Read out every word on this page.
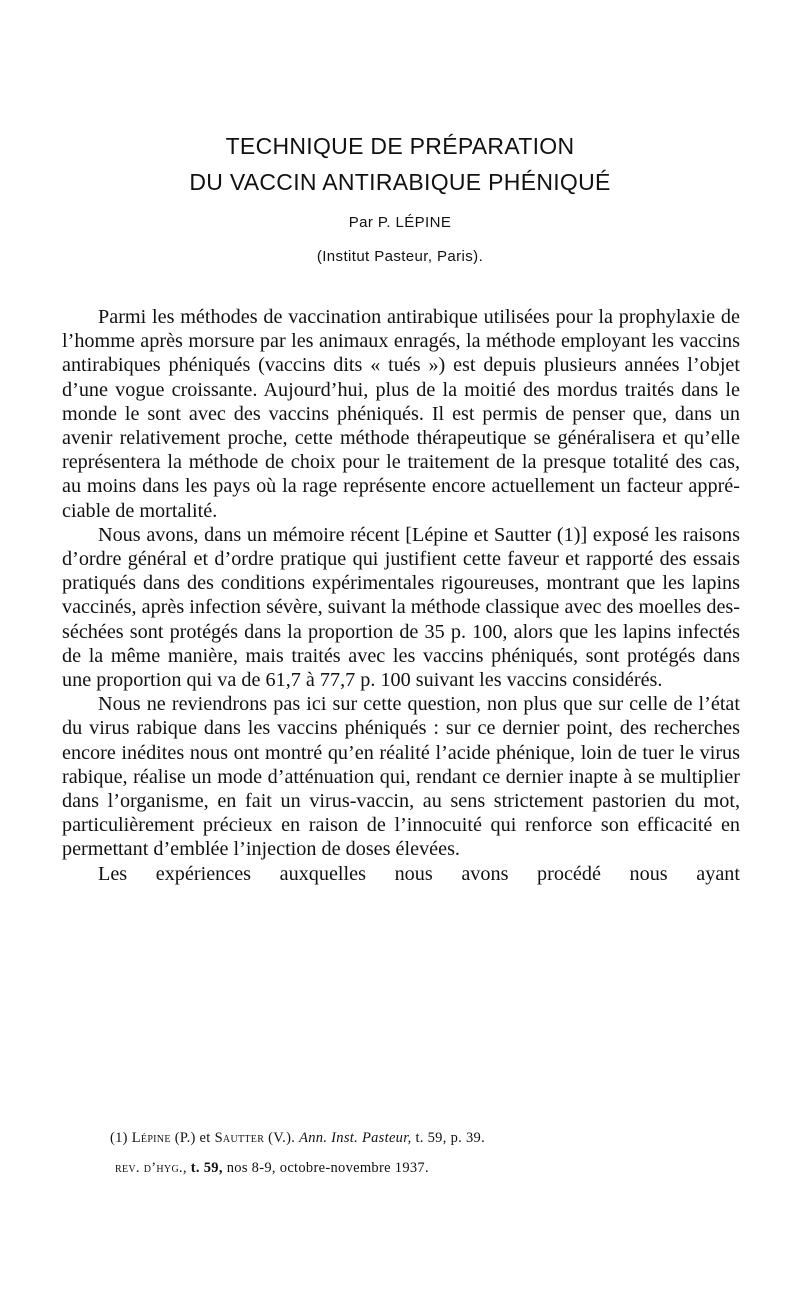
TECHNIQUE DE PRÉPARATION
DU VACCIN ANTIRABIQUE PHÉNIQUÉ
Par P. LÉPINE
(Institut Pasteur, Paris).

Parmi les méthodes de vaccination antirabique utilisées pour la prophylaxie de l’homme après morsure par les animaux enragés, la méthode employant les vaccins antirabiques phéniqués (vaccins dits « tués ») est depuis plusieurs années l’objet d’une vogue croissante. Aujourd’hui, plus de la moitié des mordus traités dans le monde le sont avec des vaccins phéniqués. Il est permis de penser que, dans un avenir relativement proche, cette méthode thérapeutique se généralisera et qu’elle représentera la méthode de choix pour le traitement de la presque totalité des cas, au moins dans les pays où la rage représente encore actuellement un facteur appréciable de mortalité.

Nous avons, dans un mémoire récent [Lépine et Sautter (1)] exposé les raisons d’ordre général et d’ordre pratique qui justifient cette faveur et rapporté des essais pratiqués dans des conditions expérimentales rigoureuses, montrant que les lapins vaccinés, après infection sévère, suivant la méthode classique avec des moelles desséchées sont protégés dans la proportion de 35 p. 100, alors que les lapins infectés de la même manière, mais traités avec les vaccins phéniqués, sont protégés dans une proportion qui va de 61,7 à 77,7 p. 100 suivant les vaccins considérés.

Nous ne reviendrons pas ici sur cette question, non plus que sur celle de l’état du virus rabique dans les vaccins phéniqués : sur ce dernier point, des recherches encore inédites nous ont montré qu’en réalité l’acide phénique, loin de tuer le virus rabique, réalise un mode d’atténuation qui, rendant ce dernier inapte à se multiplier dans l’organisme, en fait un virus-vaccin, au sens strictement pastorien du mot, particulièrement précieux en raison de l’innocuité qui renforce son efficacité en permettant d’emblée l’injection de doses élevées.

Les expériences auxquelles nous avons procédé nous ayant

(1) Lépine (P.) et Sautter (V.). Ann. Inst. Pasteur, t. 59, p. 39.
rev. d’hyg., t. 59, nos 8-9, octobre-novembre 1937.
